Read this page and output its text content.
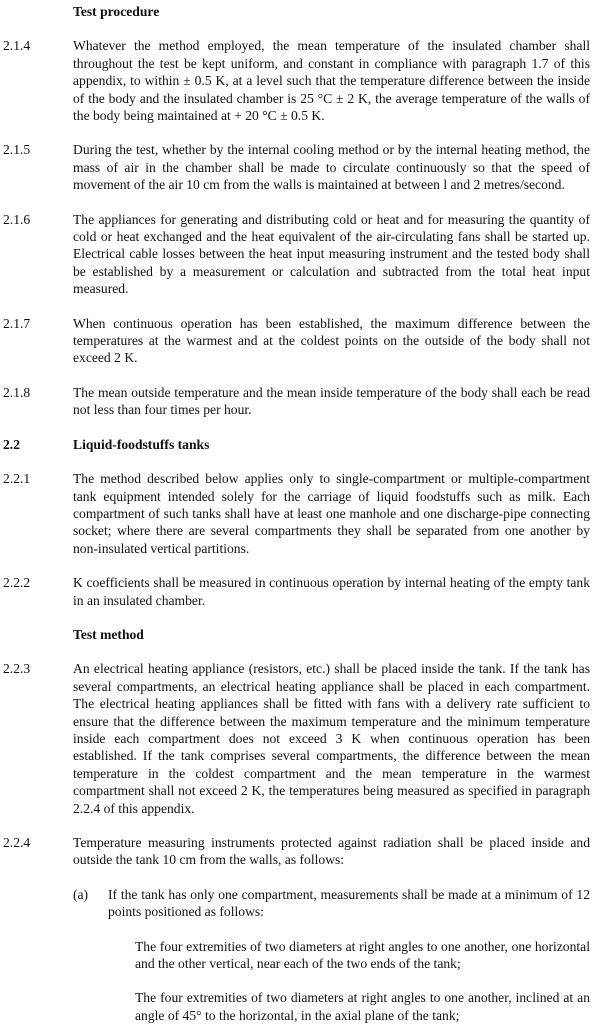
Test procedure
2.1.4	Whatever the method employed, the mean temperature of the insulated chamber shall throughout the test be kept uniform, and constant in compliance with paragraph 1.7 of this appendix, to within ± 0.5 K, at a level such that the temperature difference between the inside of the body and the insulated chamber is 25 °C ± 2 K, the average temperature of the walls of the body being maintained at + 20 °C ± 0.5 K.
2.1.5	During the test, whether by the internal cooling method or by the internal heating method, the mass of air in the chamber shall be made to circulate continuously so that the speed of movement of the air 10 cm from the walls is maintained at between l and 2 metres/second.
2.1.6	The appliances for generating and distributing cold or heat and for measuring the quantity of cold or heat exchanged and the heat equivalent of the air-circulating fans shall be started up. Electrical cable losses between the heat input measuring instrument and the tested body shall be established by a measurement or calculation and subtracted from the total heat input measured.
2.1.7	When continuous operation has been established, the maximum difference between the temperatures at the warmest and at the coldest points on the outside of the body shall not exceed 2 K.
2.1.8	The mean outside temperature and the mean inside temperature of the body shall each be read not less than four times per hour.
2.2	Liquid-foodstuffs tanks
2.2.1	The method described below applies only to single-compartment or multiple-compartment tank equipment intended solely for the carriage of liquid foodstuffs such as milk. Each compartment of such tanks shall have at least one manhole and one discharge-pipe connecting socket; where there are several compartments they shall be separated from one another by non-insulated vertical partitions.
2.2.2	K coefficients shall be measured in continuous operation by internal heating of the empty tank in an insulated chamber.
Test method
2.2.3	An electrical heating appliance (resistors, etc.) shall be placed inside the tank. If the tank has several compartments, an electrical heating appliance shall be placed in each compartment. The electrical heating appliances shall be fitted with fans with a delivery rate sufficient to ensure that the difference between the maximum temperature and the minimum temperature inside each compartment does not exceed 3 K when continuous operation has been established. If the tank comprises several compartments, the difference between the mean temperature in the coldest compartment and the mean temperature in the warmest compartment shall not exceed 2 K, the temperatures being measured as specified in paragraph 2.2.4 of this appendix.
2.2.4	Temperature measuring instruments protected against radiation shall be placed inside and outside the tank 10 cm from the walls, as follows:
(a)	If the tank has only one compartment, measurements shall be made at a minimum of 12 points positioned as follows:
The four extremities of two diameters at right angles to one another, one horizontal and the other vertical, near each of the two ends of the tank;
The four extremities of two diameters at right angles to one another, inclined at an angle of 45° to the horizontal, in the axial plane of the tank;
